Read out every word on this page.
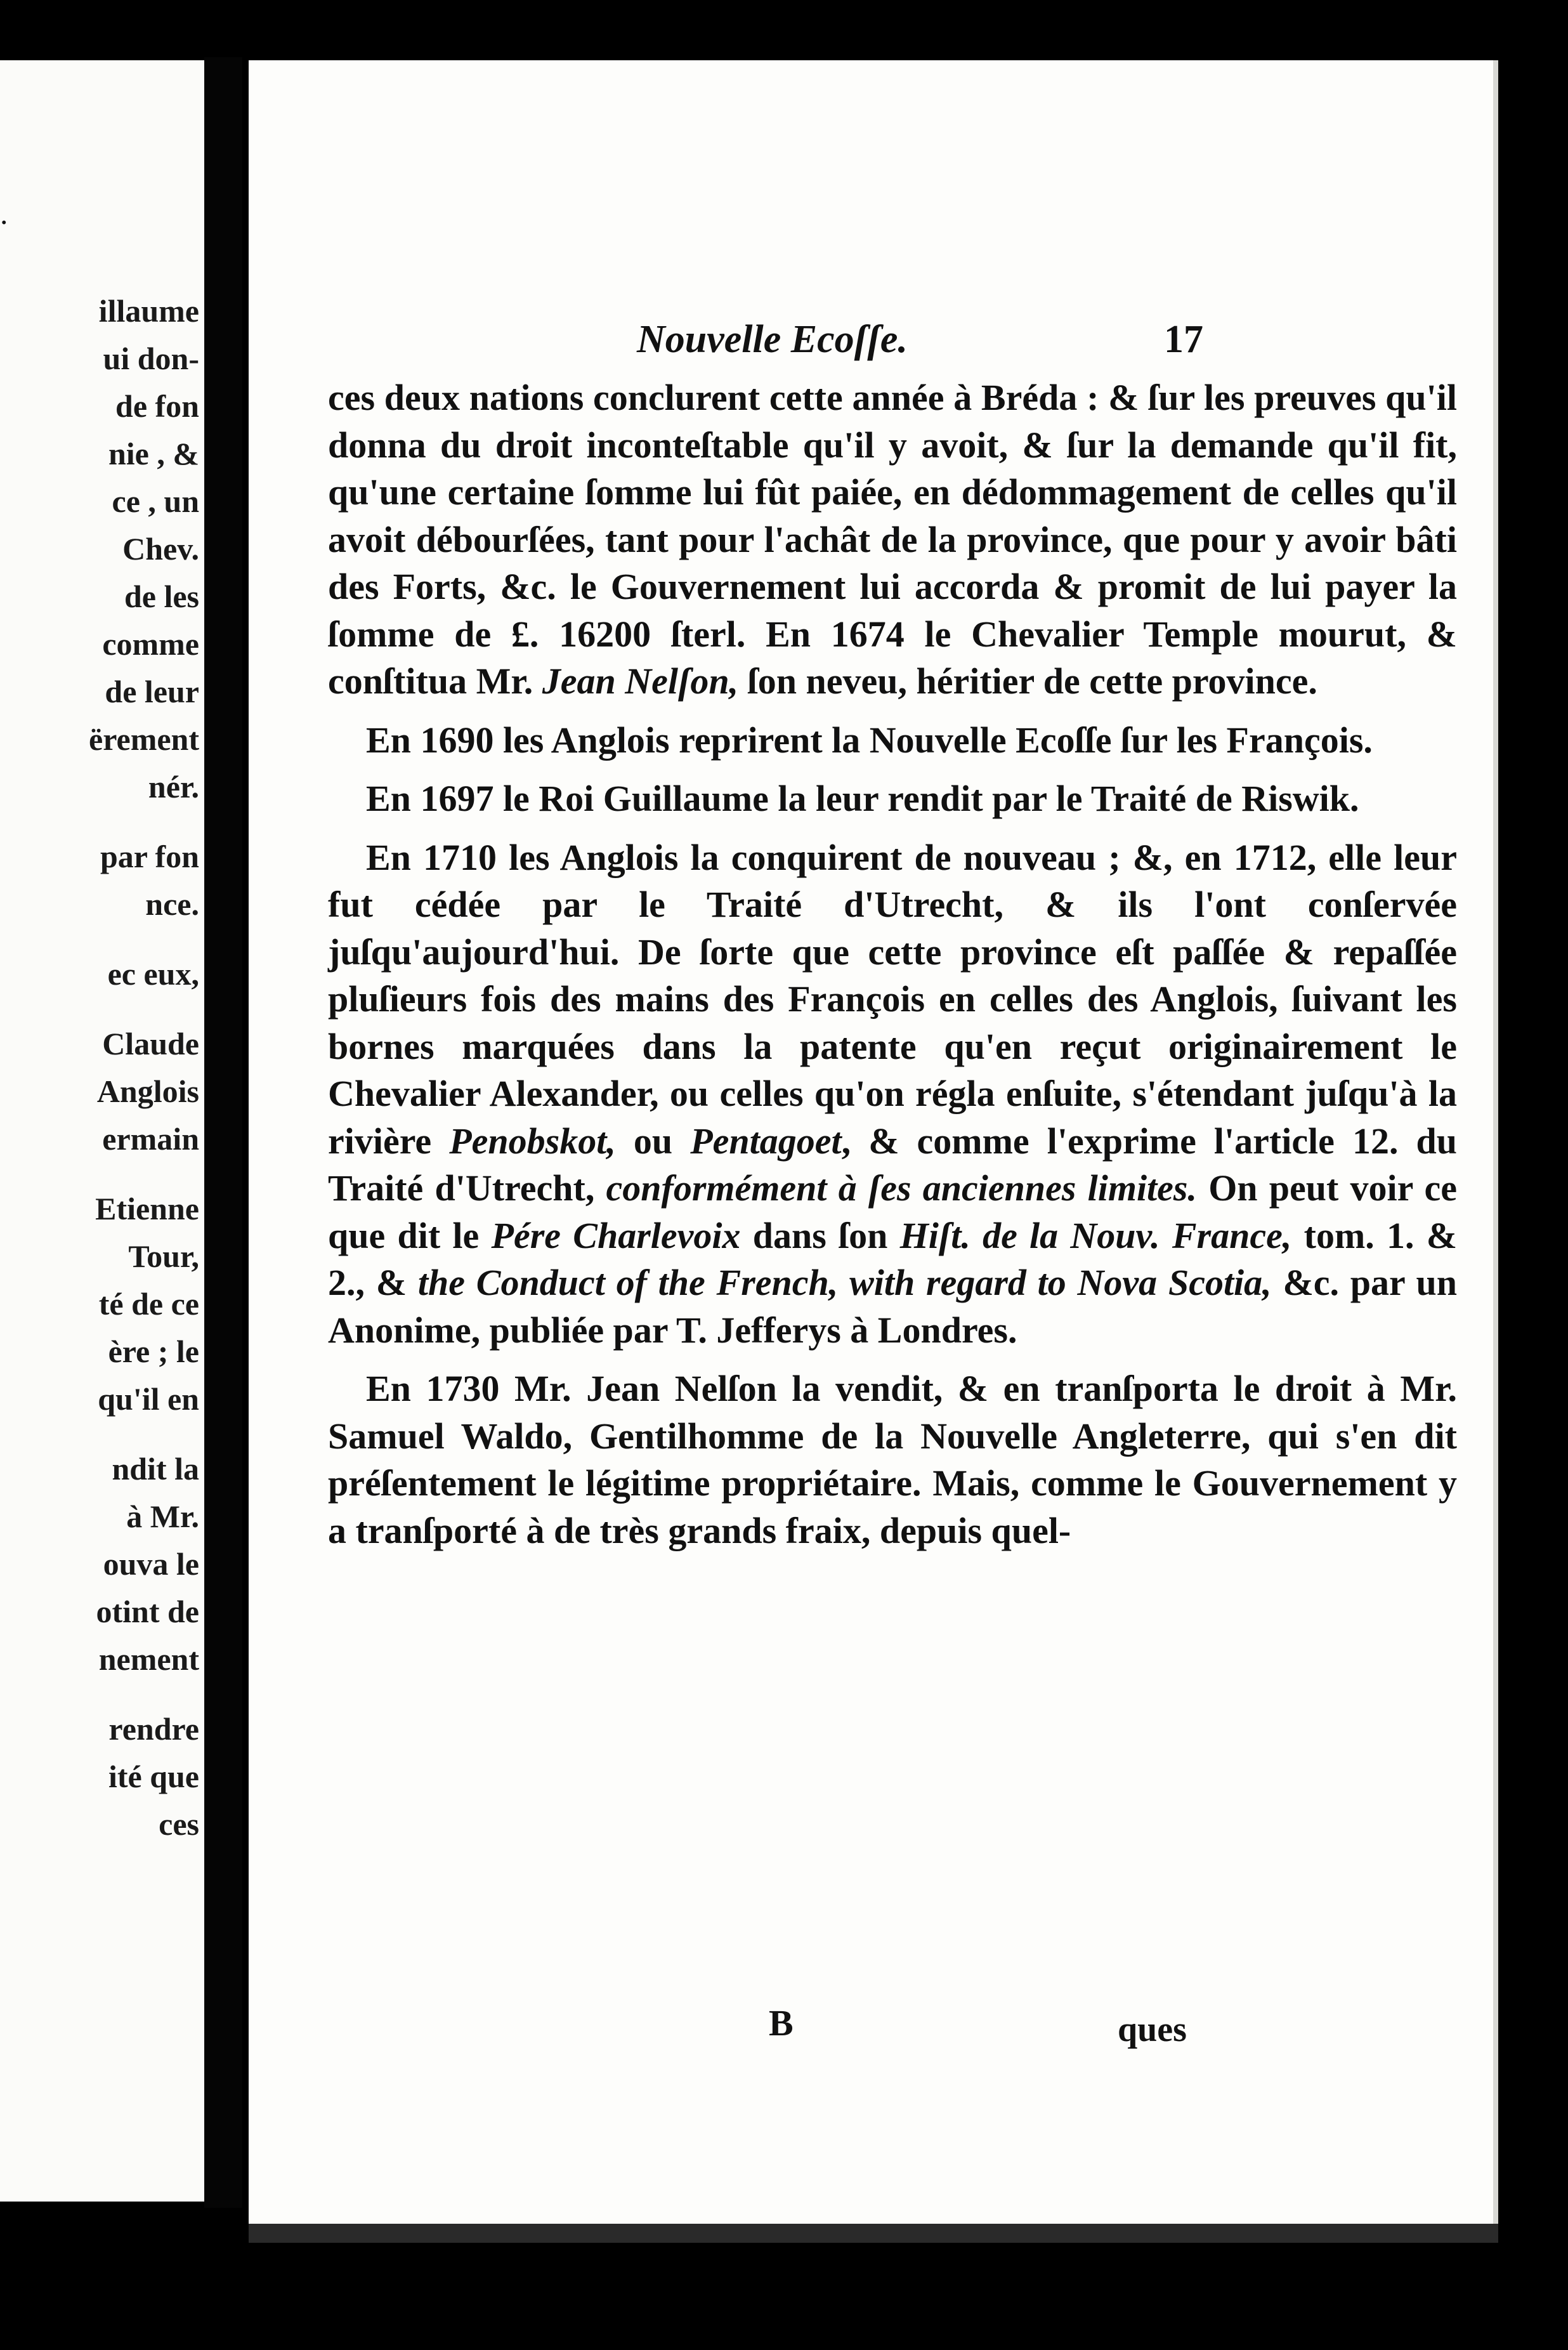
.
illaume
ui don-
de fon
nie , &
ce , un
Chev.
de les
comme
de leur
ërement
nér.
par fon
nce.
ec eux,
Claude
Anglois
ermain
Etienne
Tour,
té de ce
ère ; le
qu'il en
ndit la
à Mr.
ouva le
otint de
nement
rendre
ité que
ces
Nouvelle Ecoſſe.	17

ces deux nations conclurent cette année à Bréda : & ſur les preuves qu'il donna du droit inconteſtable qu'il y avoit, & ſur la demande qu'il fit, qu'une certaine ſomme lui fût paiée, en dédommagement de celles qu'il avoit débourſées, tant pour l'achât de la province, que pour y avoir bâti des Forts, &c. le Gouvernement lui accorda & promit de lui payer la ſomme de £. 16200 ſterl. En 1674 le Chevalier Temple mourut, & conſtitua Mr. Jean Nelſon, ſon neveu, héritier de cette province.

En 1690 les Anglois reprirent la Nouvelle Ecoſſe ſur les François.

En 1697 le Roi Guillaume la leur rendit par le Traité de Riswik.

En 1710 les Anglois la conquirent de nouveau ; &, en 1712, elle leur fut cédée par le Traité d'Utrecht, & ils l'ont conſervée juſqu'aujourd'hui. De ſorte que cette province eſt paſſée & repaſſée pluſieurs fois des mains des François en celles des Anglois, ſuivant les bornes marquées dans la patente qu'en reçut originairement le Chevalier Alexander, ou celles qu'on régla enſuite, s'étendant juſqu'à la rivière Penobskot, ou Pentagoet, & comme l'exprime l'article 12. du Traité d'Utrecht, conformément à ſes anciennes limites. On peut voir ce que dit le Pére Charlevoix dans ſon Hiſt. de la Nouv. France, tom. 1. & 2., & the Conduct of the French, with regard to Nova Scotia, &c. par un Anonime, publiée par T. Jefferys à Londres.

En 1730 Mr. Jean Nelſon la vendit, & en tranſporta le droit à Mr. Samuel Waldo, Gentilhomme de la Nouvelle Angleterre, qui s'en dit préſentement le légitime propriétaire. Mais, comme le Gouvernement y a tranſporté à de très grands fraix, depuis quel-

B	ques
